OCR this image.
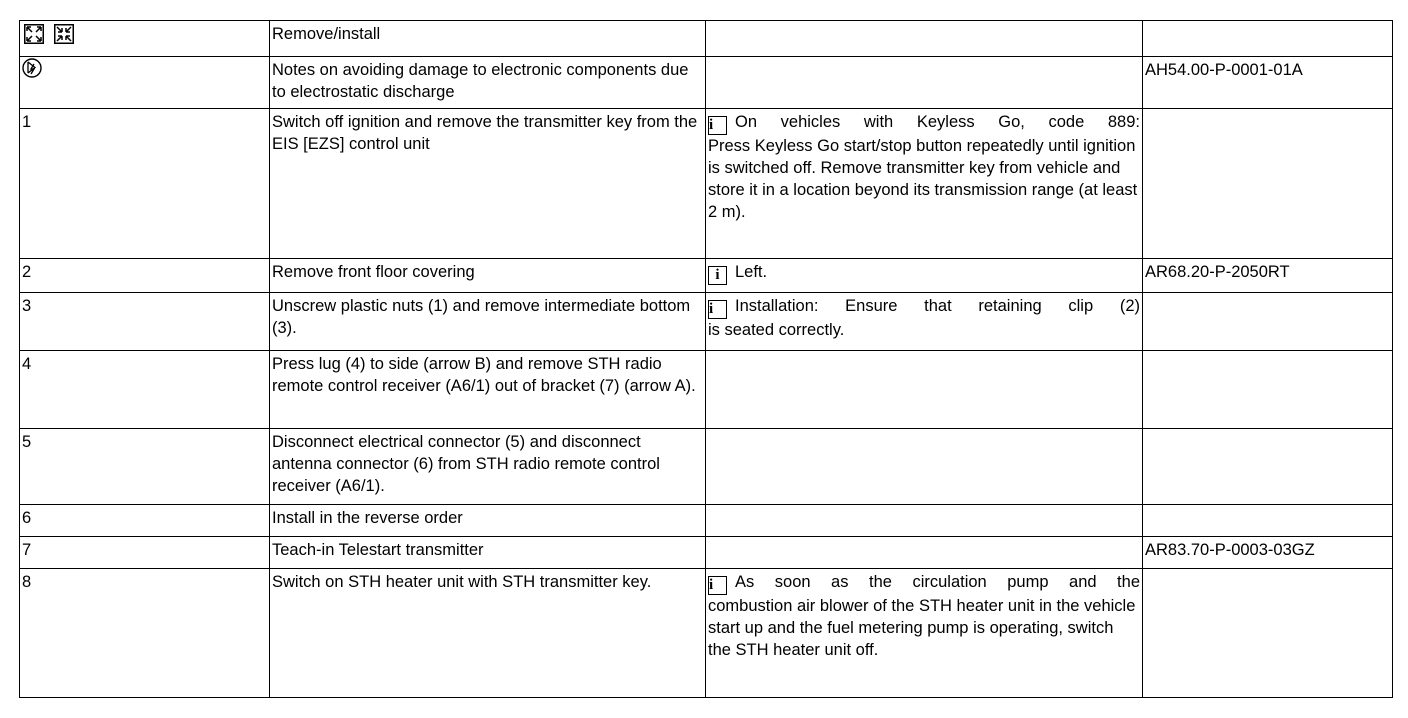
	Remove/install		
	Notes on avoiding damage to electronic components due to electrostatic discharge		AH54.00-P-0001-01A
1	Switch off ignition and remove the transmitter key from the EIS [EZS] control unit	i On vehicles with Keyless Go, code 889:
Press Keyless Go start/stop button repeatedly until ignition is switched off. Remove transmitter key from vehicle and store it in a location beyond its transmission range (at least 2 m).	

2	Remove front floor covering	i Left.	AR68.20-P-2050RT
3	Unscrew plastic nuts (1) and remove intermediate bottom (3).	i Installation: Ensure that retaining clip (2)
is seated correctly.	

4	Press lug (4) to side (arrow B) and remove STH radio remote control receiver (A6/1) out of bracket (7) (arrow A).		
5	Disconnect electrical connector (5) and disconnect antenna connector (6) from STH radio remote control receiver (A6/1).		
6	Install in the reverse order		
7	Teach-in Telestart transmitter		AR83.70-P-0003-03GZ
8	Switch on STH heater unit with STH transmitter key.	i As soon as the circulation pump and the
combustion air blower of the STH heater unit in the vehicle start up and the fuel metering pump is operating, switch the STH heater unit off.	
